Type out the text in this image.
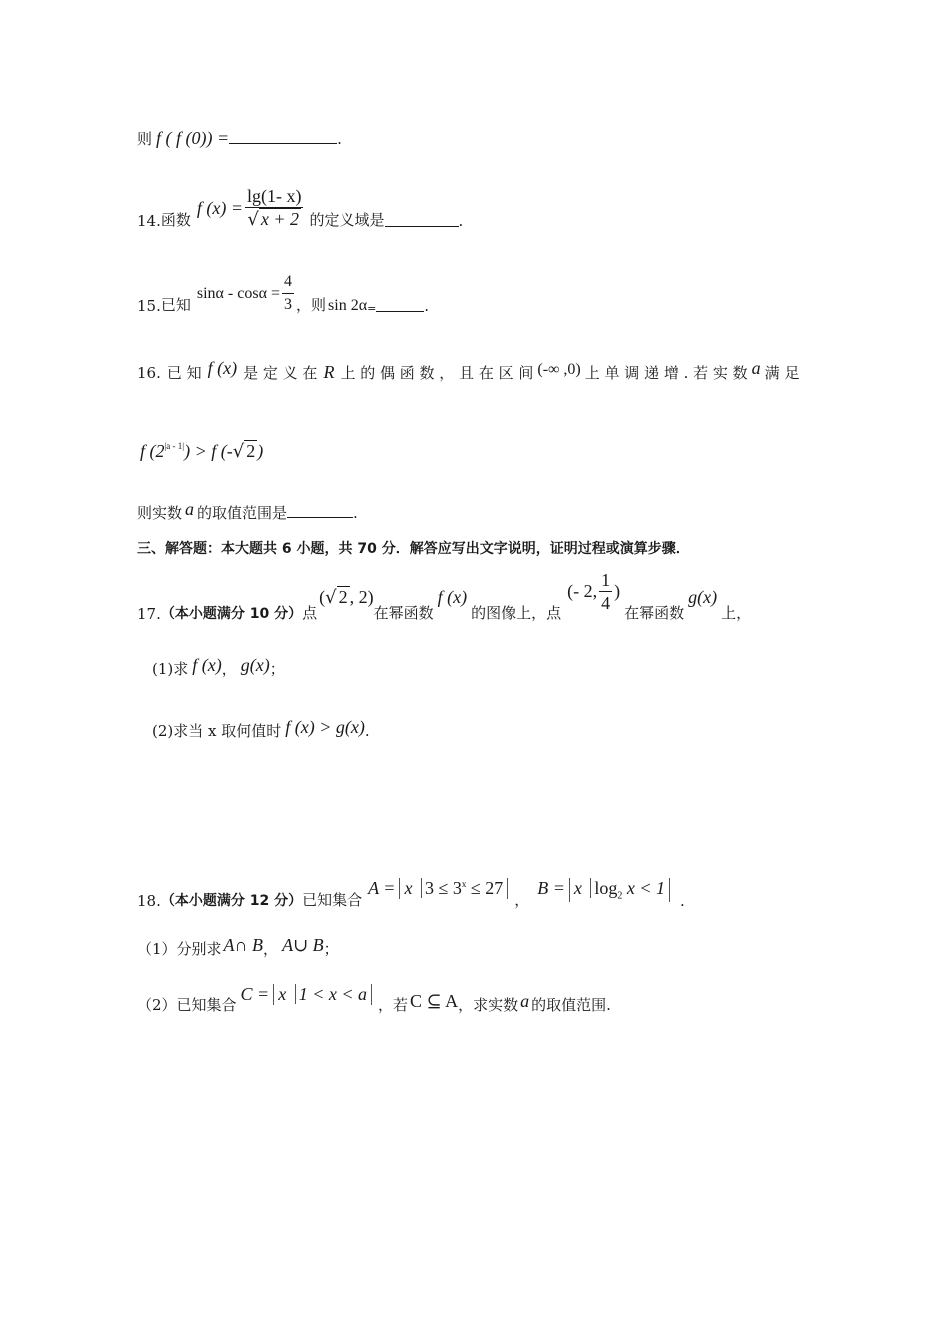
则 f ( f (0)) =	.
14. 函数
f $(x) = \frac{\lg(1- x)}{√ x + 2}$ 的定义域是	.
15. 已知
$\sin\alpha - \cos\alpha = \frac{4}{3}$ ，则 sin 2α =	.
16. 已 知 f (x) 是 定 义 在 R 上 的 偶 函 数 ， 且 在 区 间 (-∞ ,0) 上 单 调 递 增 . 若 实 数 a 满 足
f ($2^{|a - 1|}$ ) > f (- √ 2 )
则实数 a 的取值范围是	.
三、解答题：本大题共 6 小题，共 70 分．解答应写出文字说明，证明过程或演算步骤．
17. （本小题满分 10 分） 点
(√ 2 , 2)
在幂函数
f (x)
的图像上，点
(- 2, $\frac{1}{4}$ )
在幂函数
g(x)
上，
(1)求 f (x) ， g(x) ；
(2)求当 x 取何值时 f (x) > g(x) .
18. （本小题满分 12 分） 已知集合
A = x $3 \le 3^x \le 27$
，
B = x $\log_2 x < 1$
.
（1）分别求 A∩ B ， A∪ B ；
（2）已知集合
C = x 1 < x < a
，若 C ⊆ A ，求实数 a 的取值范围.
